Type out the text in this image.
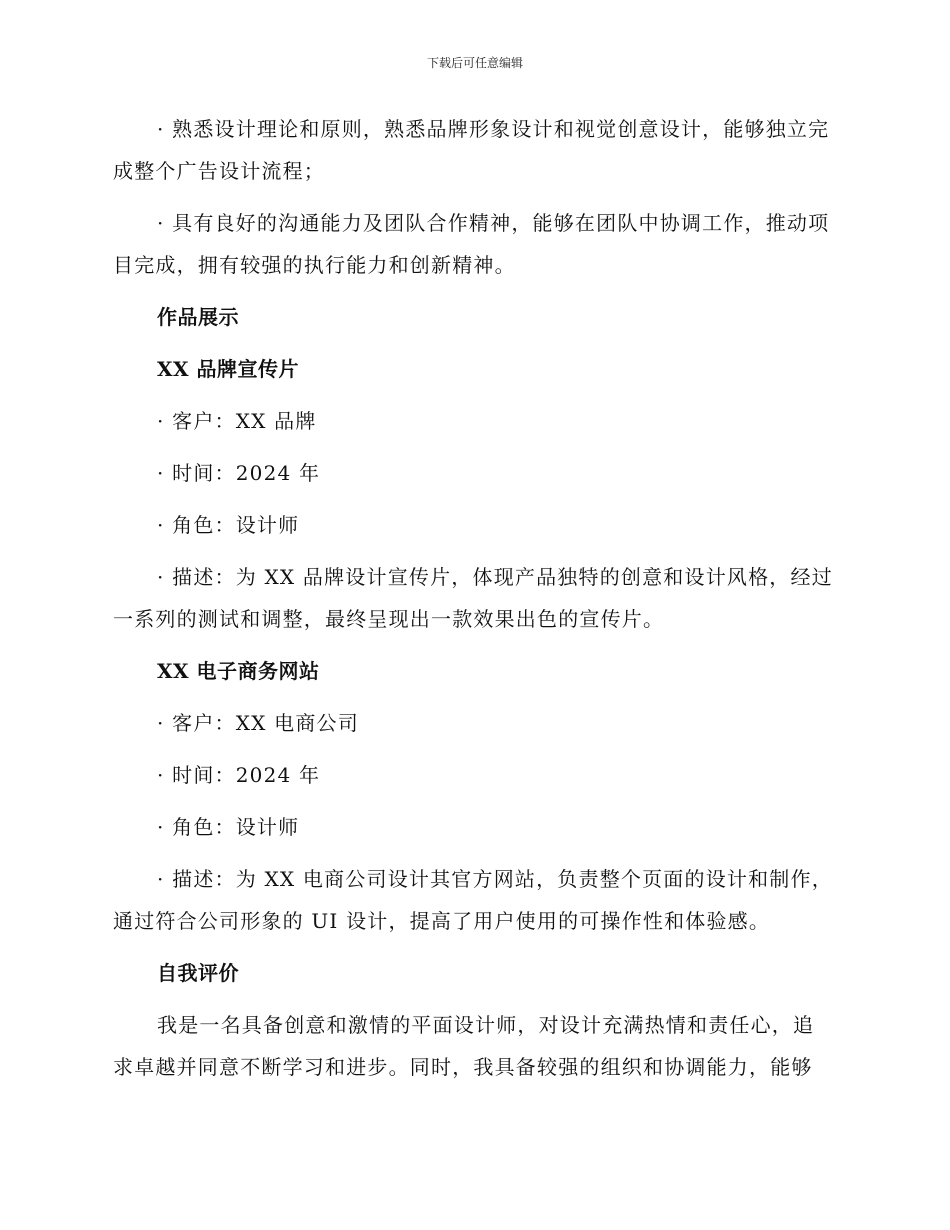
下载后可任意编辑

· 熟悉设计理论和原则，熟悉品牌形象设计和视觉创意设计，能够独立完成整个广告设计流程；

· 具有良好的沟通能力及团队合作精神，能够在团队中协调工作，推动项目完成，拥有较强的执行能力和创新精神。

作品展示
XX 品牌宣传片
· 客户：XX 品牌
· 时间：2024 年
· 角色：设计师
· 描述：为 XX 品牌设计宣传片，体现产品独特的创意和设计风格，经过一系列的测试和调整，最终呈现出一款效果出色的宣传片。
XX 电子商务网站
· 客户：XX 电商公司
· 时间：2024 年
· 角色：设计师
· 描述：为 XX 电商公司设计其官方网站，负责整个页面的设计和制作，通过符合公司形象的 UI 设计，提高了用户使用的可操作性和体验感。
自我评价

我是一名具备创意和激情的平面设计师，对设计充满热情和责任心，追求卓越并同意不断学习和进步。同时，我具备较强的组织和协调能力，能够
